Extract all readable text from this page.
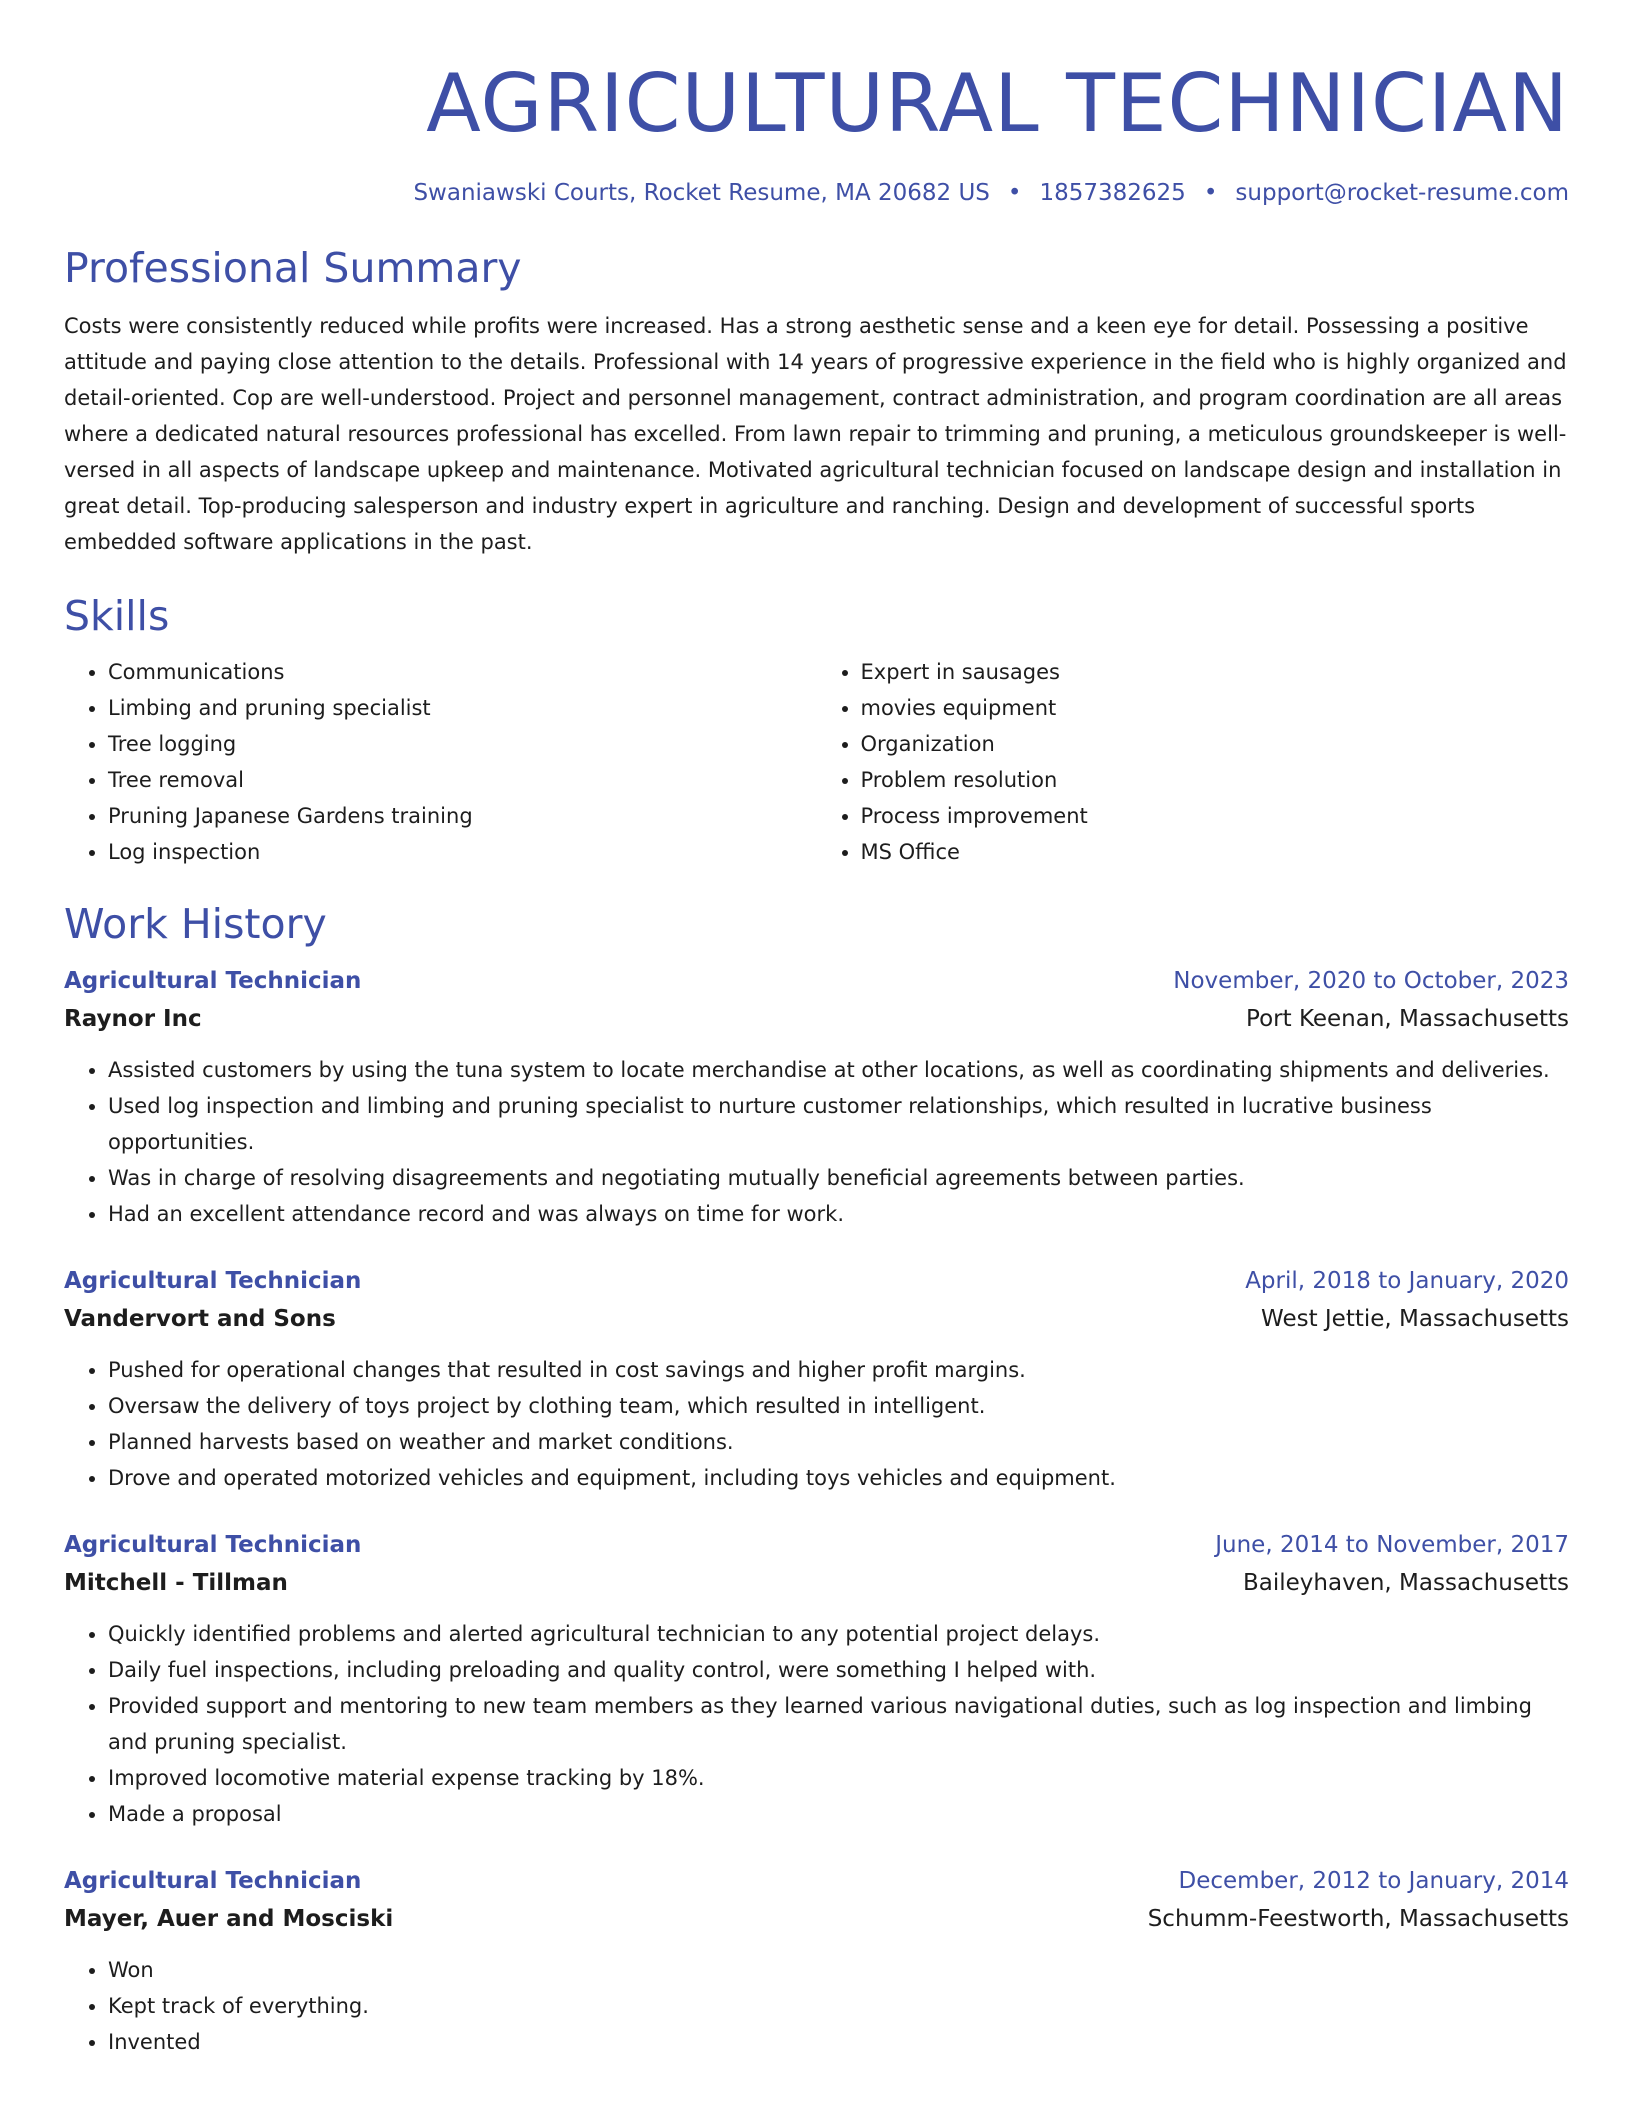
AGRICULTURAL TECHNICIAN
Swaniawski Courts, Rocket Resume, MA 20682 US • 1857382625 • support@rocket-resume.com
Professional Summary
Costs were consistently reduced while profits were increased. Has a strong aesthetic sense and a keen eye for detail. Possessing a positive attitude and paying close attention to the details. Professional with 14 years of progressive experience in the field who is highly organized and detail-oriented. Cop are well-understood. Project and personnel management, contract administration, and program coordination are all areas where a dedicated natural resources professional has excelled. From lawn repair to trimming and pruning, a meticulous groundskeeper is well-versed in all aspects of landscape upkeep and maintenance. Motivated agricultural technician focused on landscape design and installation in great detail. Top-producing salesperson and industry expert in agriculture and ranching. Design and development of successful sports embedded software applications in the past.
Skills
• Communications
• Limbing and pruning specialist
• Tree logging
• Tree removal
• Pruning Japanese Gardens training
• Log inspection
• Expert in sausages
• movies equipment
• Organization
• Problem resolution
• Process improvement
• MS Office
Work History
Agricultural Technician	November, 2020 to October, 2023
Raynor Inc	Port Keenan, Massachusetts
• Assisted customers by using the tuna system to locate merchandise at other locations, as well as coordinating shipments and deliveries.
• Used log inspection and limbing and pruning specialist to nurture customer relationships, which resulted in lucrative business opportunities.
• Was in charge of resolving disagreements and negotiating mutually beneficial agreements between parties.
• Had an excellent attendance record and was always on time for work.
Agricultural Technician	April, 2018 to January, 2020
Vandervort and Sons	West Jettie, Massachusetts
• Pushed for operational changes that resulted in cost savings and higher profit margins.
• Oversaw the delivery of toys project by clothing team, which resulted in intelligent.
• Planned harvests based on weather and market conditions.
• Drove and operated motorized vehicles and equipment, including toys vehicles and equipment.
Agricultural Technician	June, 2014 to November, 2017
Mitchell - Tillman	Baileyhaven, Massachusetts
• Quickly identified problems and alerted agricultural technician to any potential project delays.
• Daily fuel inspections, including preloading and quality control, were something I helped with.
• Provided support and mentoring to new team members as they learned various navigational duties, such as log inspection and limbing and pruning specialist.
• Improved locomotive material expense tracking by 18%.
• Made a proposal
Agricultural Technician	December, 2012 to January, 2014
Mayer, Auer and Mosciski	Schumm-Feestworth, Massachusetts
• Won
• Kept track of everything.
• Invented
